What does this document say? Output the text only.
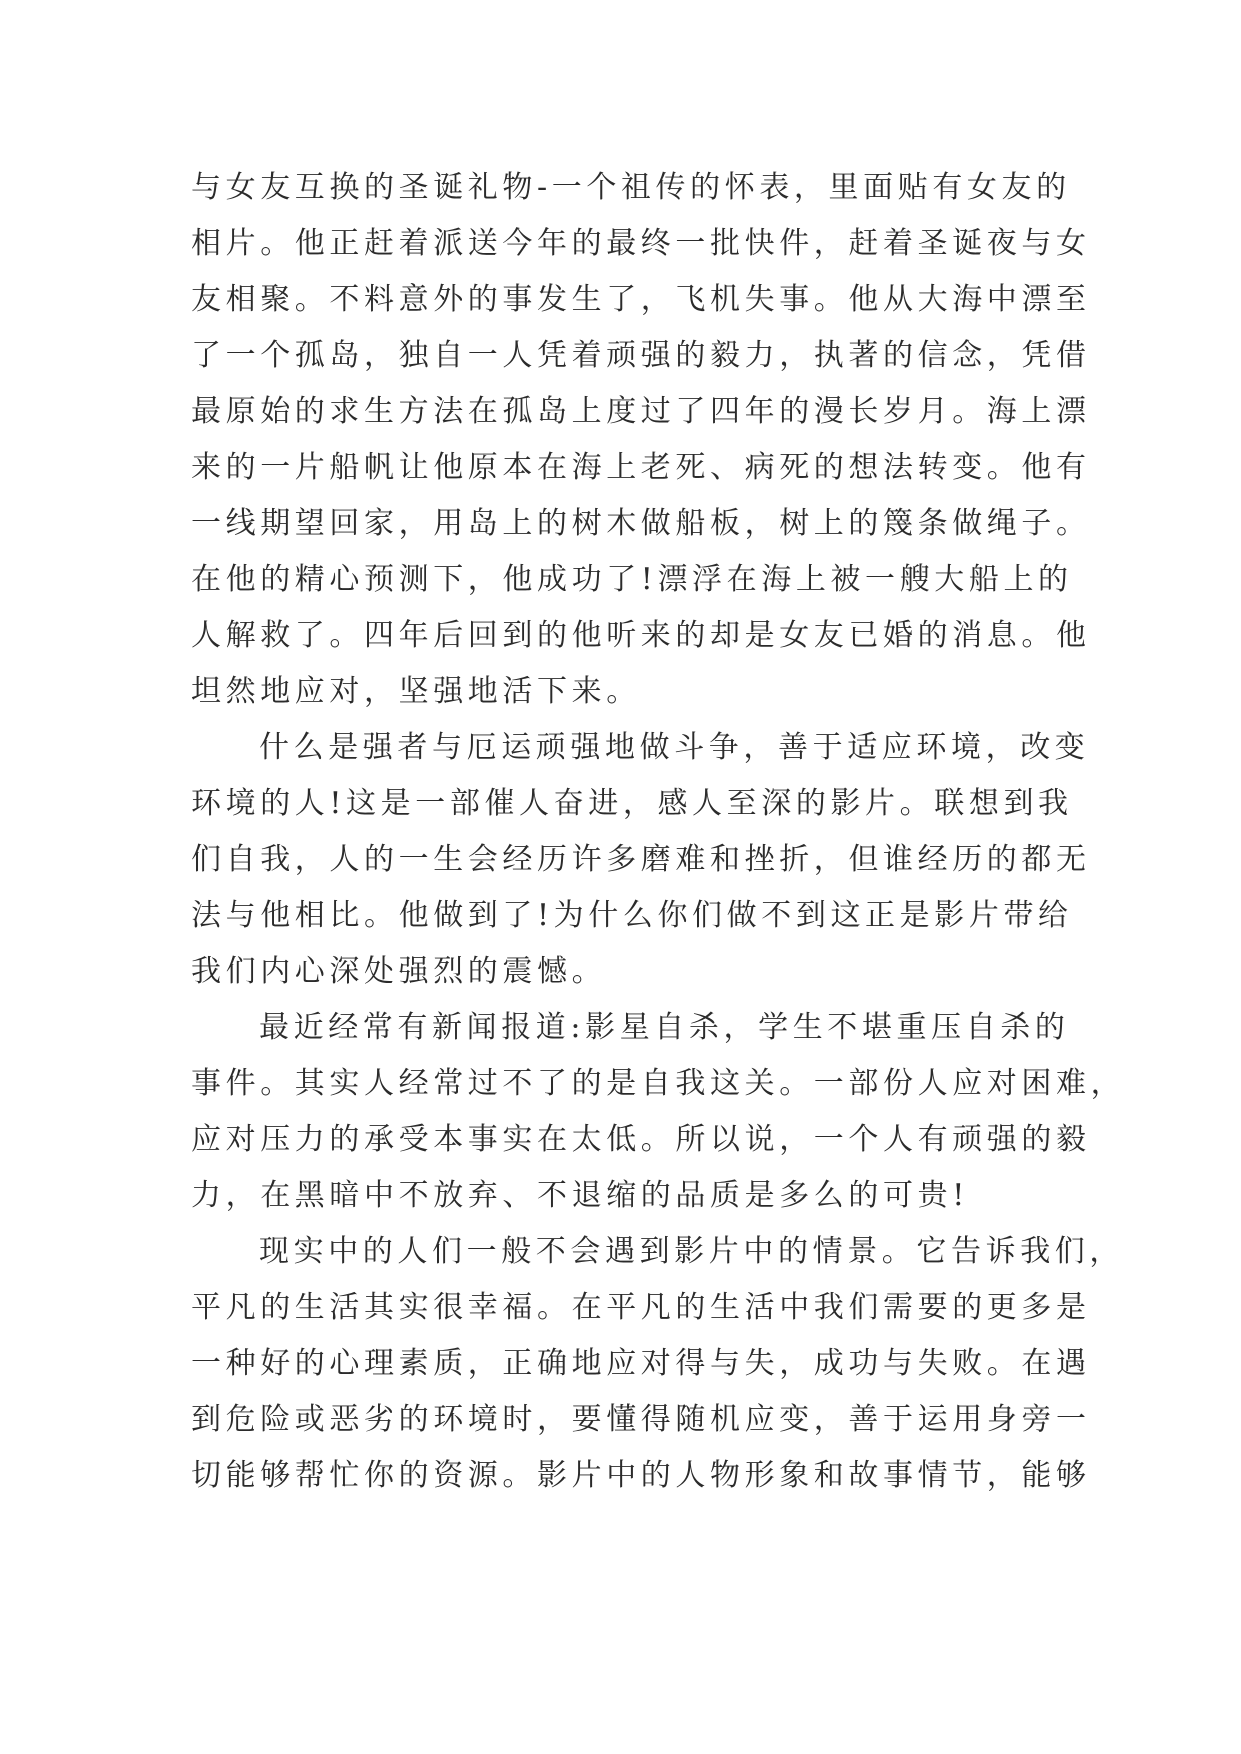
与女友互换的圣诞礼物-一个祖传的怀表，里面贴有女友的
相片。他正赶着派送今年的最终一批快件，赶着圣诞夜与女
友相聚。不料意外的事发生了，飞机失事。他从大海中漂至
了一个孤岛，独自一人凭着顽强的毅力，执著的信念，凭借
最原始的求生方法在孤岛上度过了四年的漫长岁月。海上漂
来的一片船帆让他原本在海上老死、病死的想法转变。他有
一线期望回家，用岛上的树木做船板，树上的篾条做绳子。
在他的精心预测下，他成功了!漂浮在海上被一艘大船上的
人解救了。四年后回到的他听来的却是女友已婚的消息。他
坦然地应对，坚强地活下来。
什么是强者与厄运顽强地做斗争，善于适应环境，改变
环境的人!这是一部催人奋进，感人至深的影片。联想到我
们自我，人的一生会经历许多磨难和挫折，但谁经历的都无
法与他相比。他做到了!为什么你们做不到这正是影片带给
我们内心深处强烈的震憾。
最近经常有新闻报道:影星自杀，学生不堪重压自杀的
事件。其实人经常过不了的是自我这关。一部份人应对困难，
应对压力的承受本事实在太低。所以说，一个人有顽强的毅
力，在黑暗中不放弃、不退缩的品质是多么的可贵!
现实中的人们一般不会遇到影片中的情景。它告诉我们，
平凡的生活其实很幸福。在平凡的生活中我们需要的更多是
一种好的心理素质，正确地应对得与失，成功与失败。在遇
到危险或恶劣的环境时，要懂得随机应变，善于运用身旁一
切能够帮忙你的资源。影片中的人物形象和故事情节，能够
